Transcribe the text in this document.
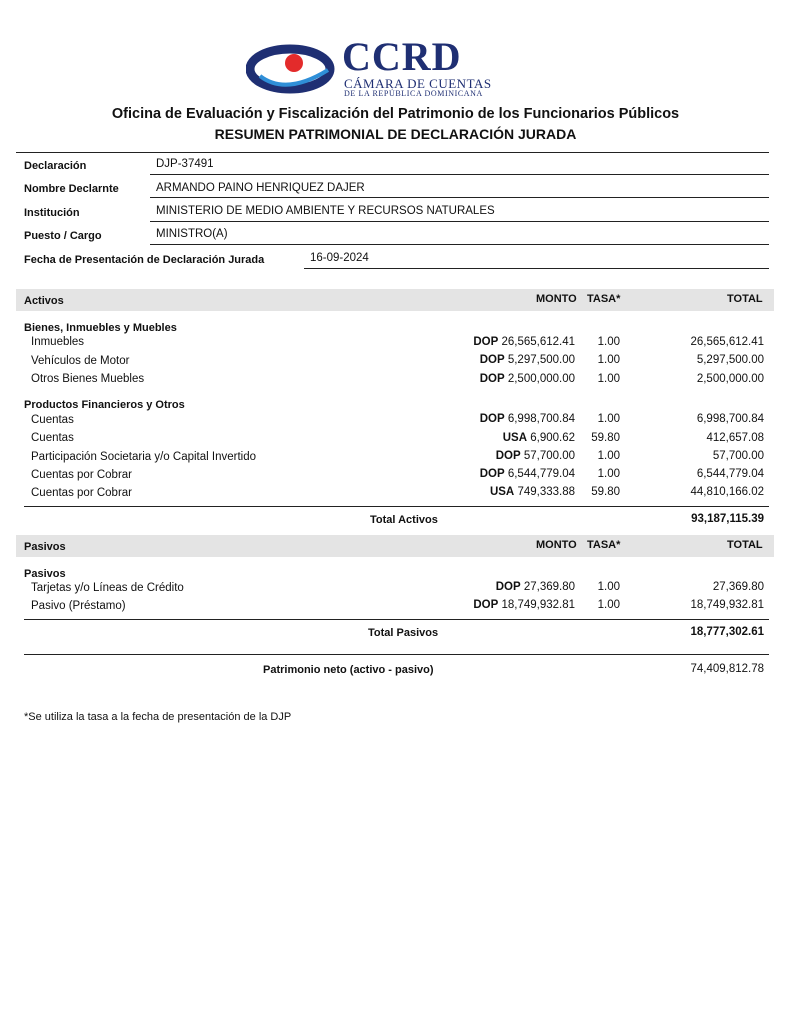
CCRD
CÁMARA DE CUENTAS
DE LA REPÚBLICA DOMINICANA
Oficina de Evaluación y Fiscalización del Patrimonio de los Funcionarios Públicos
RESUMEN PATRIMONIAL DE DECLARACIÓN JURADA
Declaración	DJP-37491
Nombre Declarnte	ARMANDO PAINO HENRIQUEZ DAJER
Institución	MINISTERIO DE MEDIO AMBIENTE Y RECURSOS NATURALES
Puesto / Cargo	MINISTRO(A)
Fecha de Presentación de Declaración Jurada	16-09-2024
Activos	MONTO TASA*	TOTAL
Bienes, Inmuebles y Muebles
Inmuebles	DOP 26,565,612.41	1.00	26,565,612.41
Vehículos de Motor	DOP 5,297,500.00	1.00	5,297,500.00
Otros Bienes Muebles	DOP 2,500,000.00	1.00	2,500,000.00
Productos Financieros y Otros
Cuentas	DOP 6,998,700.84	1.00	6,998,700.84
Cuentas	USA 6,900.62	59.80	412,657.08
Participación Societaria y/o Capital Invertido	DOP 57,700.00	1.00	57,700.00
Cuentas por Cobrar	DOP 6,544,779.04	1.00	6,544,779.04
Cuentas por Cobrar	USA 749,333.88	59.80	44,810,166.02
Total Activos	93,187,115.39
Pasivos	MONTO TASA*	TOTAL
Pasivos
Tarjetas y/o Líneas de Crédito	DOP 27,369.80	1.00	27,369.80
Pasivo (Préstamo)	DOP 18,749,932.81	1.00	18,749,932.81
Total Pasivos	18,777,302.61
Patrimonio neto (activo - pasivo)	74,409,812.78
*Se utiliza la tasa a la fecha de presentación de la DJP
